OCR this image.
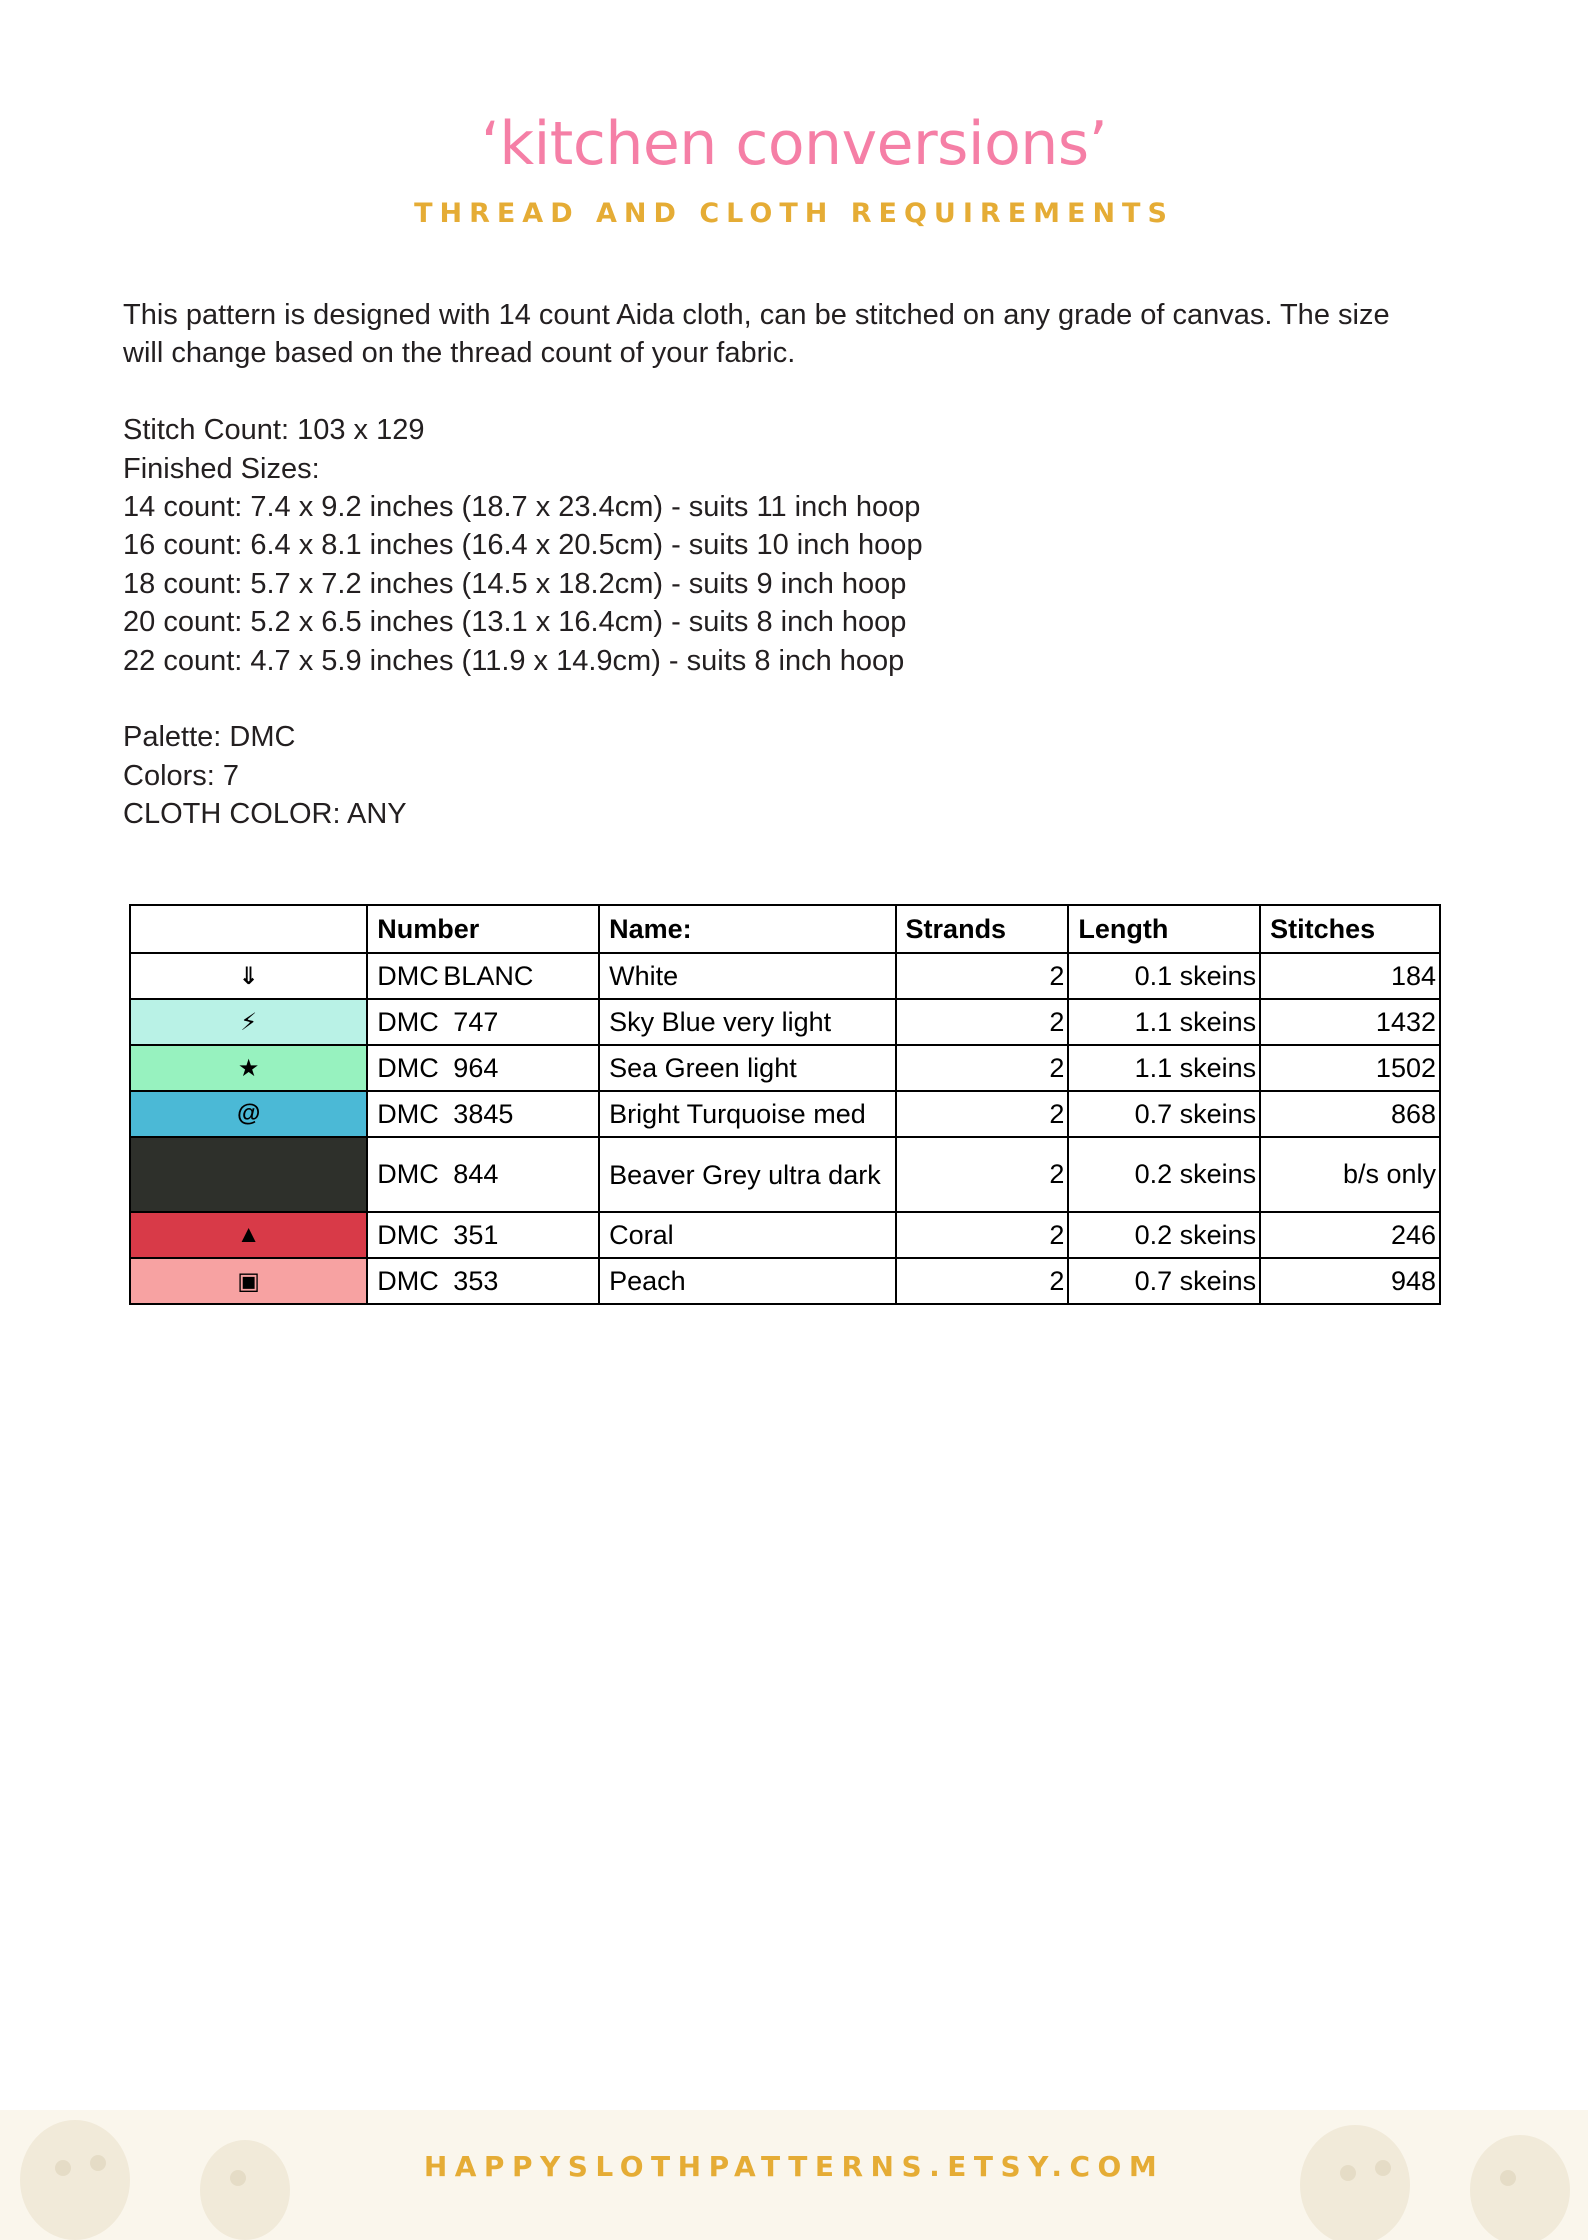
‘kitchen conversions’
THREAD AND CLOTH REQUIREMENTS
This pattern is designed with 14 count Aida cloth, can be stitched on any grade of canvas. The size
will change based on the thread count of your fabric.
Stitch Count: 103 x 129
Finished Sizes:
14 count: 7.4 x 9.2 inches (18.7 x 23.4cm) - suits 11 inch hoop
16 count: 6.4 x 8.1 inches (16.4 x 20.5cm) - suits 10 inch hoop
18 count: 5.7 x 7.2 inches (14.5 x 18.2cm) - suits 9 inch hoop
20 count: 5.2 x 6.5 inches (13.1 x 16.4cm) - suits 8 inch hoop
22 count: 4.7 x 5.9 inches (11.9 x 14.9cm) - suits 8 inch hoop
Palette: DMC
Colors: 7
CLOTH COLOR: ANY
	Number	Name:	Strands	Length	Stitches
⇓	DMC BLANC	White	2	0.1 skeins	184
⚡	DMC 747	Sky Blue very light	2	1.1 skeins	1432
★	DMC 964	Sea Green light	2	1.1 skeins	1502
@	DMC 3845	Bright Turquoise med	2	0.7 skeins	868
	DMC 844	Beaver Grey ultra dark	2	0.2 skeins	b/s only
▲	DMC 351	Coral	2	0.2 skeins	246
▣	DMC 353	Peach	2	0.7 skeins	948
HAPPYSLOTHPATTERNS.ETSY.COM
